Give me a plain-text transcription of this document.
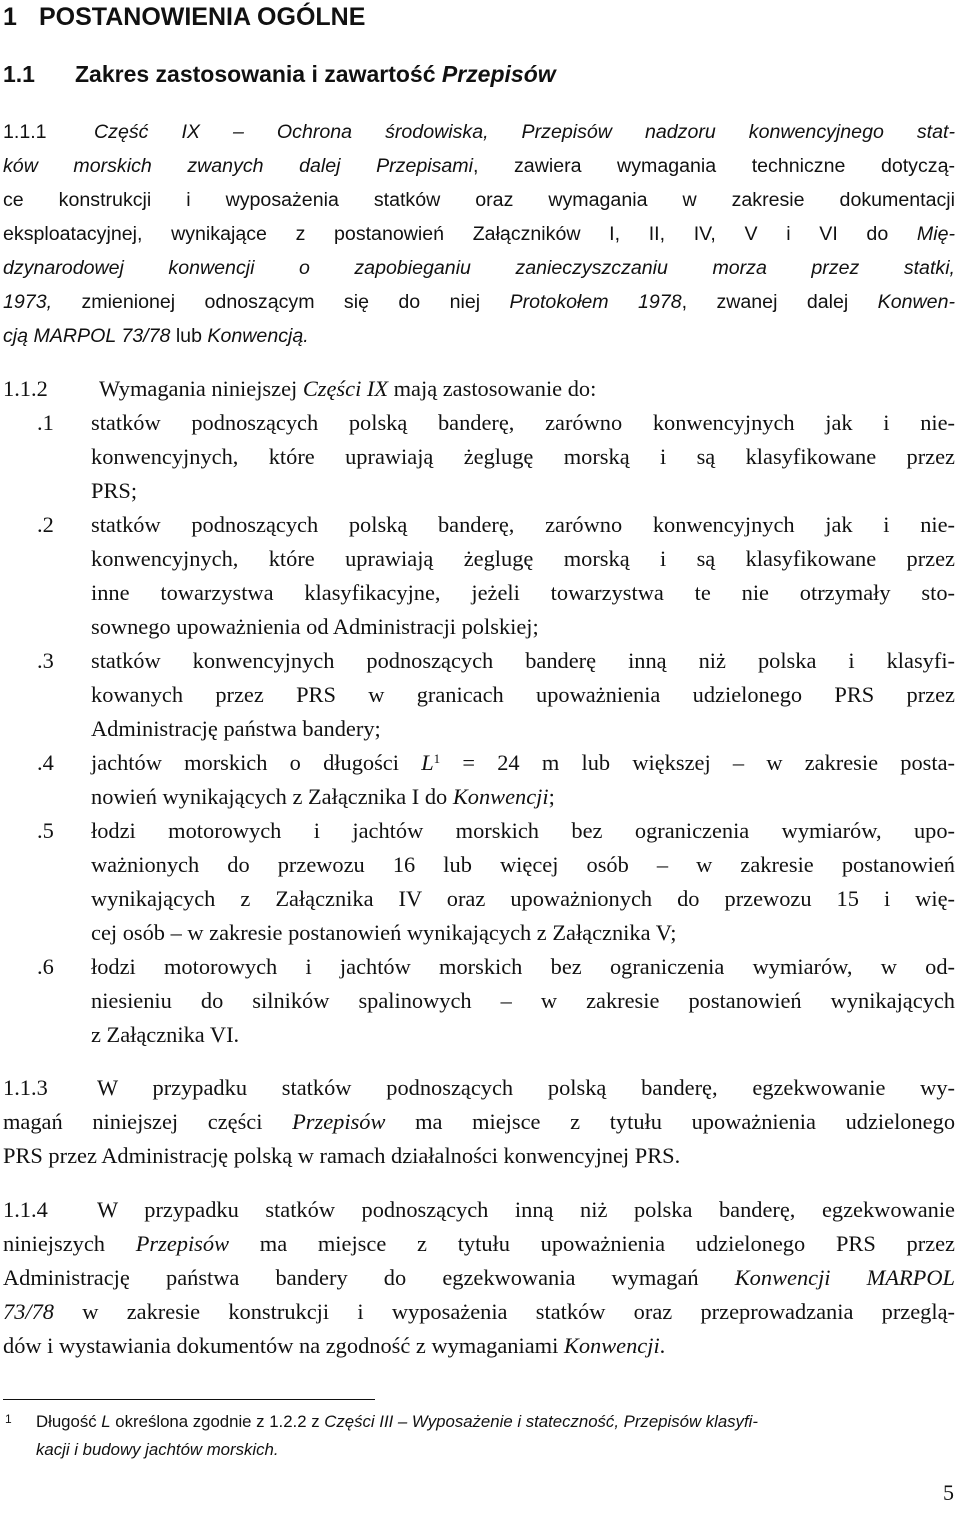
1 POSTANOWIENIA OGÓLNE
1.1 Zakres zastosowania i zawartość Przepisów
1.1.1 Część IX – Ochrona środowiska, Przepisów nadzoru konwencyjnego stat-
ków morskich zwanych dalej Przepisami, zawiera wymagania techniczne dotyczą-
ce konstrukcji i wyposażenia statków oraz wymagania w zakresie dokumentacji
eksploatacyjnej, wynikające z postanowień Załączników I, II, IV, V i VI do Mię-
dzynarodowej konwencji o zapobieganiu zanieczyszczaniu morza przez statki,
1973, zmienionej odnoszącym się do niej Protokołem 1978, zwanej dalej Konwen-
cją MARPOL 73/78 lub Konwencją.
1.1.2 Wymagania niniejszej Części IX mają zastosowanie do:
.1 statków podnoszących polską banderę, zarówno konwencyjnych jak i nie-
konwencyjnych, które uprawiają żeglugę morską i są klasyfikowane przez
PRS;
.2 statków podnoszących polską banderę, zarówno konwencyjnych jak i nie-
konwencyjnych, które uprawiają żeglugę morską i są klasyfikowane przez
inne towarzystwa klasyfikacyjne, jeżeli towarzystwa te nie otrzymały sto-
sownego upoważnienia od Administracji polskiej;
.3 statków konwencyjnych podnoszących banderę inną niż polska i klasyfi-
kowanych przez PRS w granicach upoważnienia udzielonego PRS przez
Administrację państwa bandery;
.4 jachtów morskich o długości $L^1 = 24$ m lub większej – w zakresie posta-
nowień wynikających z Załącznika I do Konwencji;
.5 łodzi motorowych i jachtów morskich bez ograniczenia wymiarów, upo-
ważnionych do przewozu 16 lub więcej osób – w zakresie postanowień
wynikających z Załącznika IV oraz upoważnionych do przewozu 15 i wię-
cej osób – w zakresie postanowień wynikających z Załącznika V;
.6 łodzi motorowych i jachtów morskich bez ograniczenia wymiarów, w od-
niesieniu do silników spalinowych – w zakresie postanowień wynikających
z Załącznika VI.
1.1.3 W przypadku statków podnoszących polską banderę, egzekwowanie wy-
magań niniejszej części Przepisów ma miejsce z tytułu upoważnienia udzielonego
PRS przez Administrację polską w ramach działalności konwencyjnej PRS.
1.1.4 W przypadku statków podnoszących inną niż polska banderę, egzekwowanie
niniejszych Przepisów ma miejsce z tytułu upoważnienia udzielonego PRS przez
Administrację państwa bandery do egzekwowania wymagań Konwencji MARPOL
73/78 w zakresie konstrukcji i wyposażenia statków oraz przeprowadzania przeglą-
dów i wystawiania dokumentów na zgodność z wymaganiami Konwencji.
1 Długość L określona zgodnie z 1.2.2 z Części III – Wyposażenie i stateczność, Przepisów klasyfi-
kacji i budowy jachtów morskich.
5
